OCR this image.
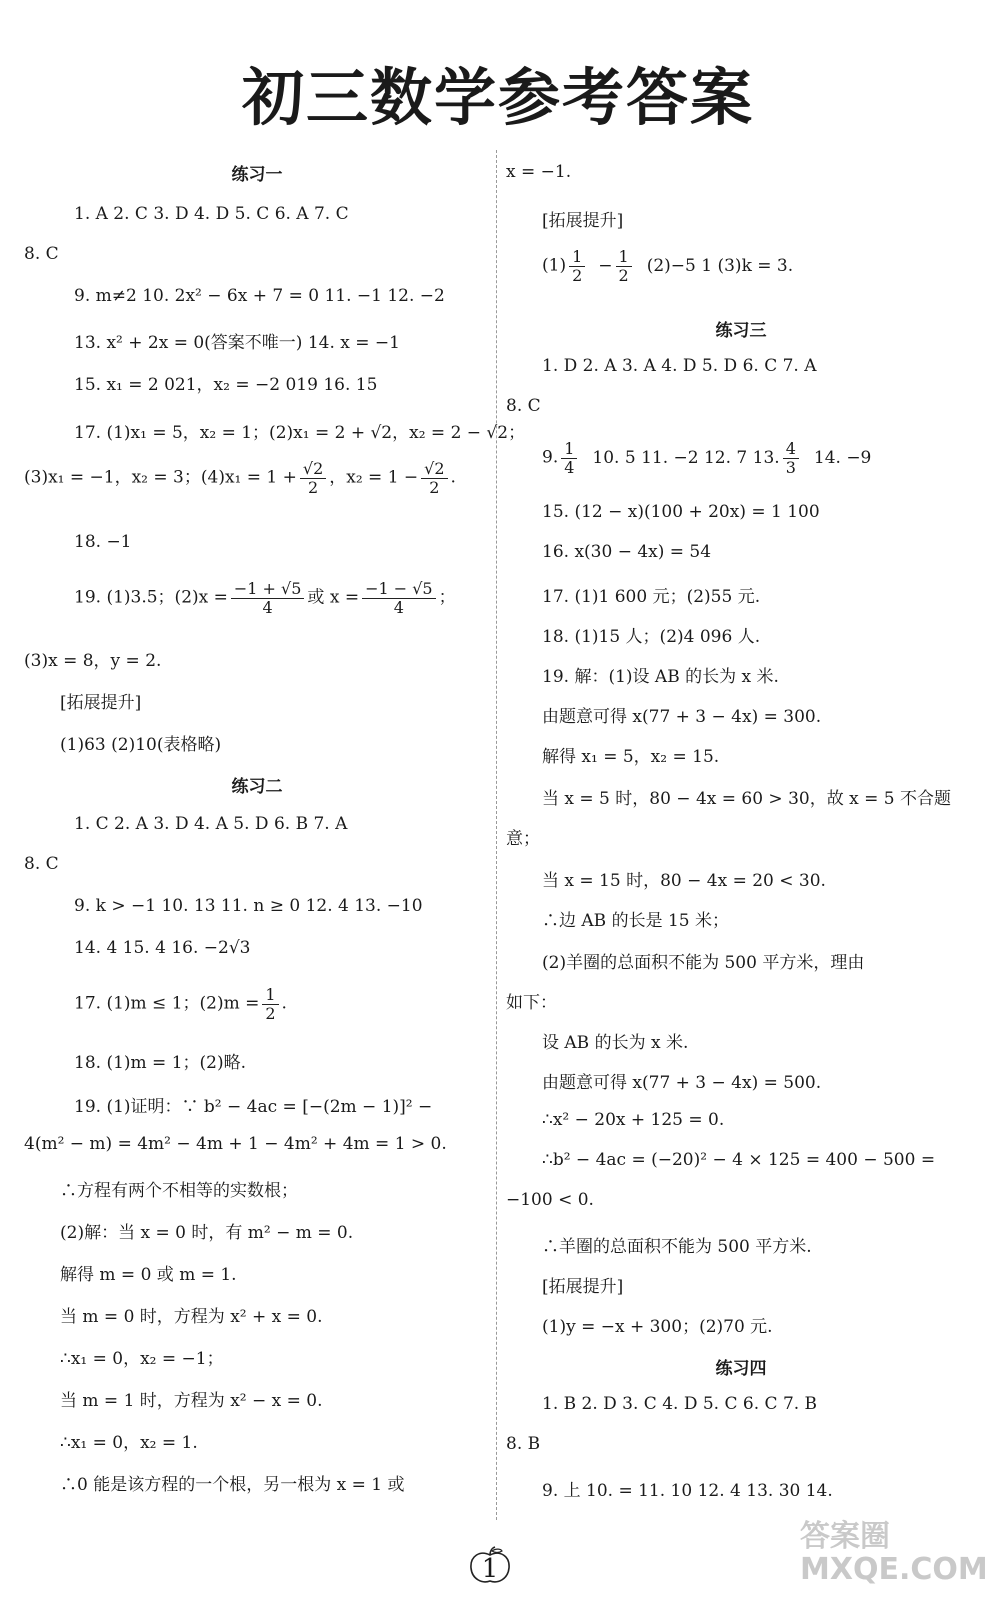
初三数学参考答案
练习一
1. A 2. C 3. D 4. D 5. C 6. A 7. C
8. C
9. m≠2 10. 2x² − 6x + 7 = 0 11. −1 12. −2
13. x² + 2x = 0(答案不唯一) 14. x = −1
15. x₁ = 2 021，x₂ = −2 019 16. 15
17. (1)x₁ = 5，x₂ = 1；(2)x₁ = 2 + √2，x₂ = 2 − √2；
(3)x₁ = −1，x₂ = 3；$(4)x_1 = 1 + \frac{√2}{2}$ ，$x_2 = 1 - \frac{√2}{2}$ .
18. −1
19. (1)3.5；$(2)x = \frac{-1 + √5}{4}$ 或 $x = \frac{-1 - √5}{4}$ ；
(3)x = 8，y = 2.
[拓展提升]
(1)63 (2)10(表格略)
练习二
1. C 2. A 3. D 4. A 5. D 6. B 7. A
8. C
9. k > −1 10. 13 11. n ≥ 0 12. 4 13. −10
14. 4 15. 4 16. −2√3
17. (1)m ≤ 1；$(2)m = \frac{1}{2}$ .
18. (1)m = 1；(2)略.
19. (1)证明：∵ b² − 4ac = [−(2m − 1)]² −
4(m² − m) = 4m² − 4m + 1 − 4m² + 4m = 1 > 0.
∴方程有两个不相等的实数根；
(2)解：当 x = 0 时，有 m² − m = 0.
解得 m = 0 或 m = 1.
当 m = 0 时，方程为 x² + x = 0.
∴x₁ = 0，x₂ = −1；
当 m = 1 时，方程为 x² − x = 0.
∴x₁ = 0，x₂ = 1.
∴0 能是该方程的一个根，另一根为 x = 1 或
x = −1.
[拓展提升]
$(1) \frac{1}{2} - \frac{1}{2} (2)-5$ 1 (3)k = 3.
练习三
1. D 2. A 3. A 4. D 5. D 6. C 7. A
8. C
9. $\frac{1}{4} 10$. 5 11. −2 12. 7 13. $\frac{4}{3} 14$. −9
15. (12 − x)(100 + 20x) = 1 100
16. x(30 − 4x) = 54
17. (1)1 600 元；(2)55 元.
18. (1)15 人；(2)4 096 人.
19. 解：(1)设 AB 的长为 x 米.
由题意可得 x(77 + 3 − 4x) = 300.
解得 x₁ = 5，x₂ = 15.
当 x = 5 时，80 − 4x = 60 > 30，故 x = 5 不合题
意；
当 x = 15 时，80 − 4x = 20 < 30.
∴边 AB 的长是 15 米；
(2)羊圈的总面积不能为 500 平方米，理由
如下：
设 AB 的长为 x 米.
由题意可得 x(77 + 3 − 4x) = 500.
∴x² − 20x + 125 = 0.
∴b² − 4ac = (−20)² − 4 × 125 = 400 − 500 =
−100 < 0.
∴羊圈的总面积不能为 500 平方米.
[拓展提升]
(1)y = −x + 300；(2)70 元.
练习四
1. B 2. D 3. C 4. D 5. C 6. C 7. B
8. B
9. 上 10. = 11. 10 12. 4 13. 30 14.
1
答案圈
MXQE.COM
